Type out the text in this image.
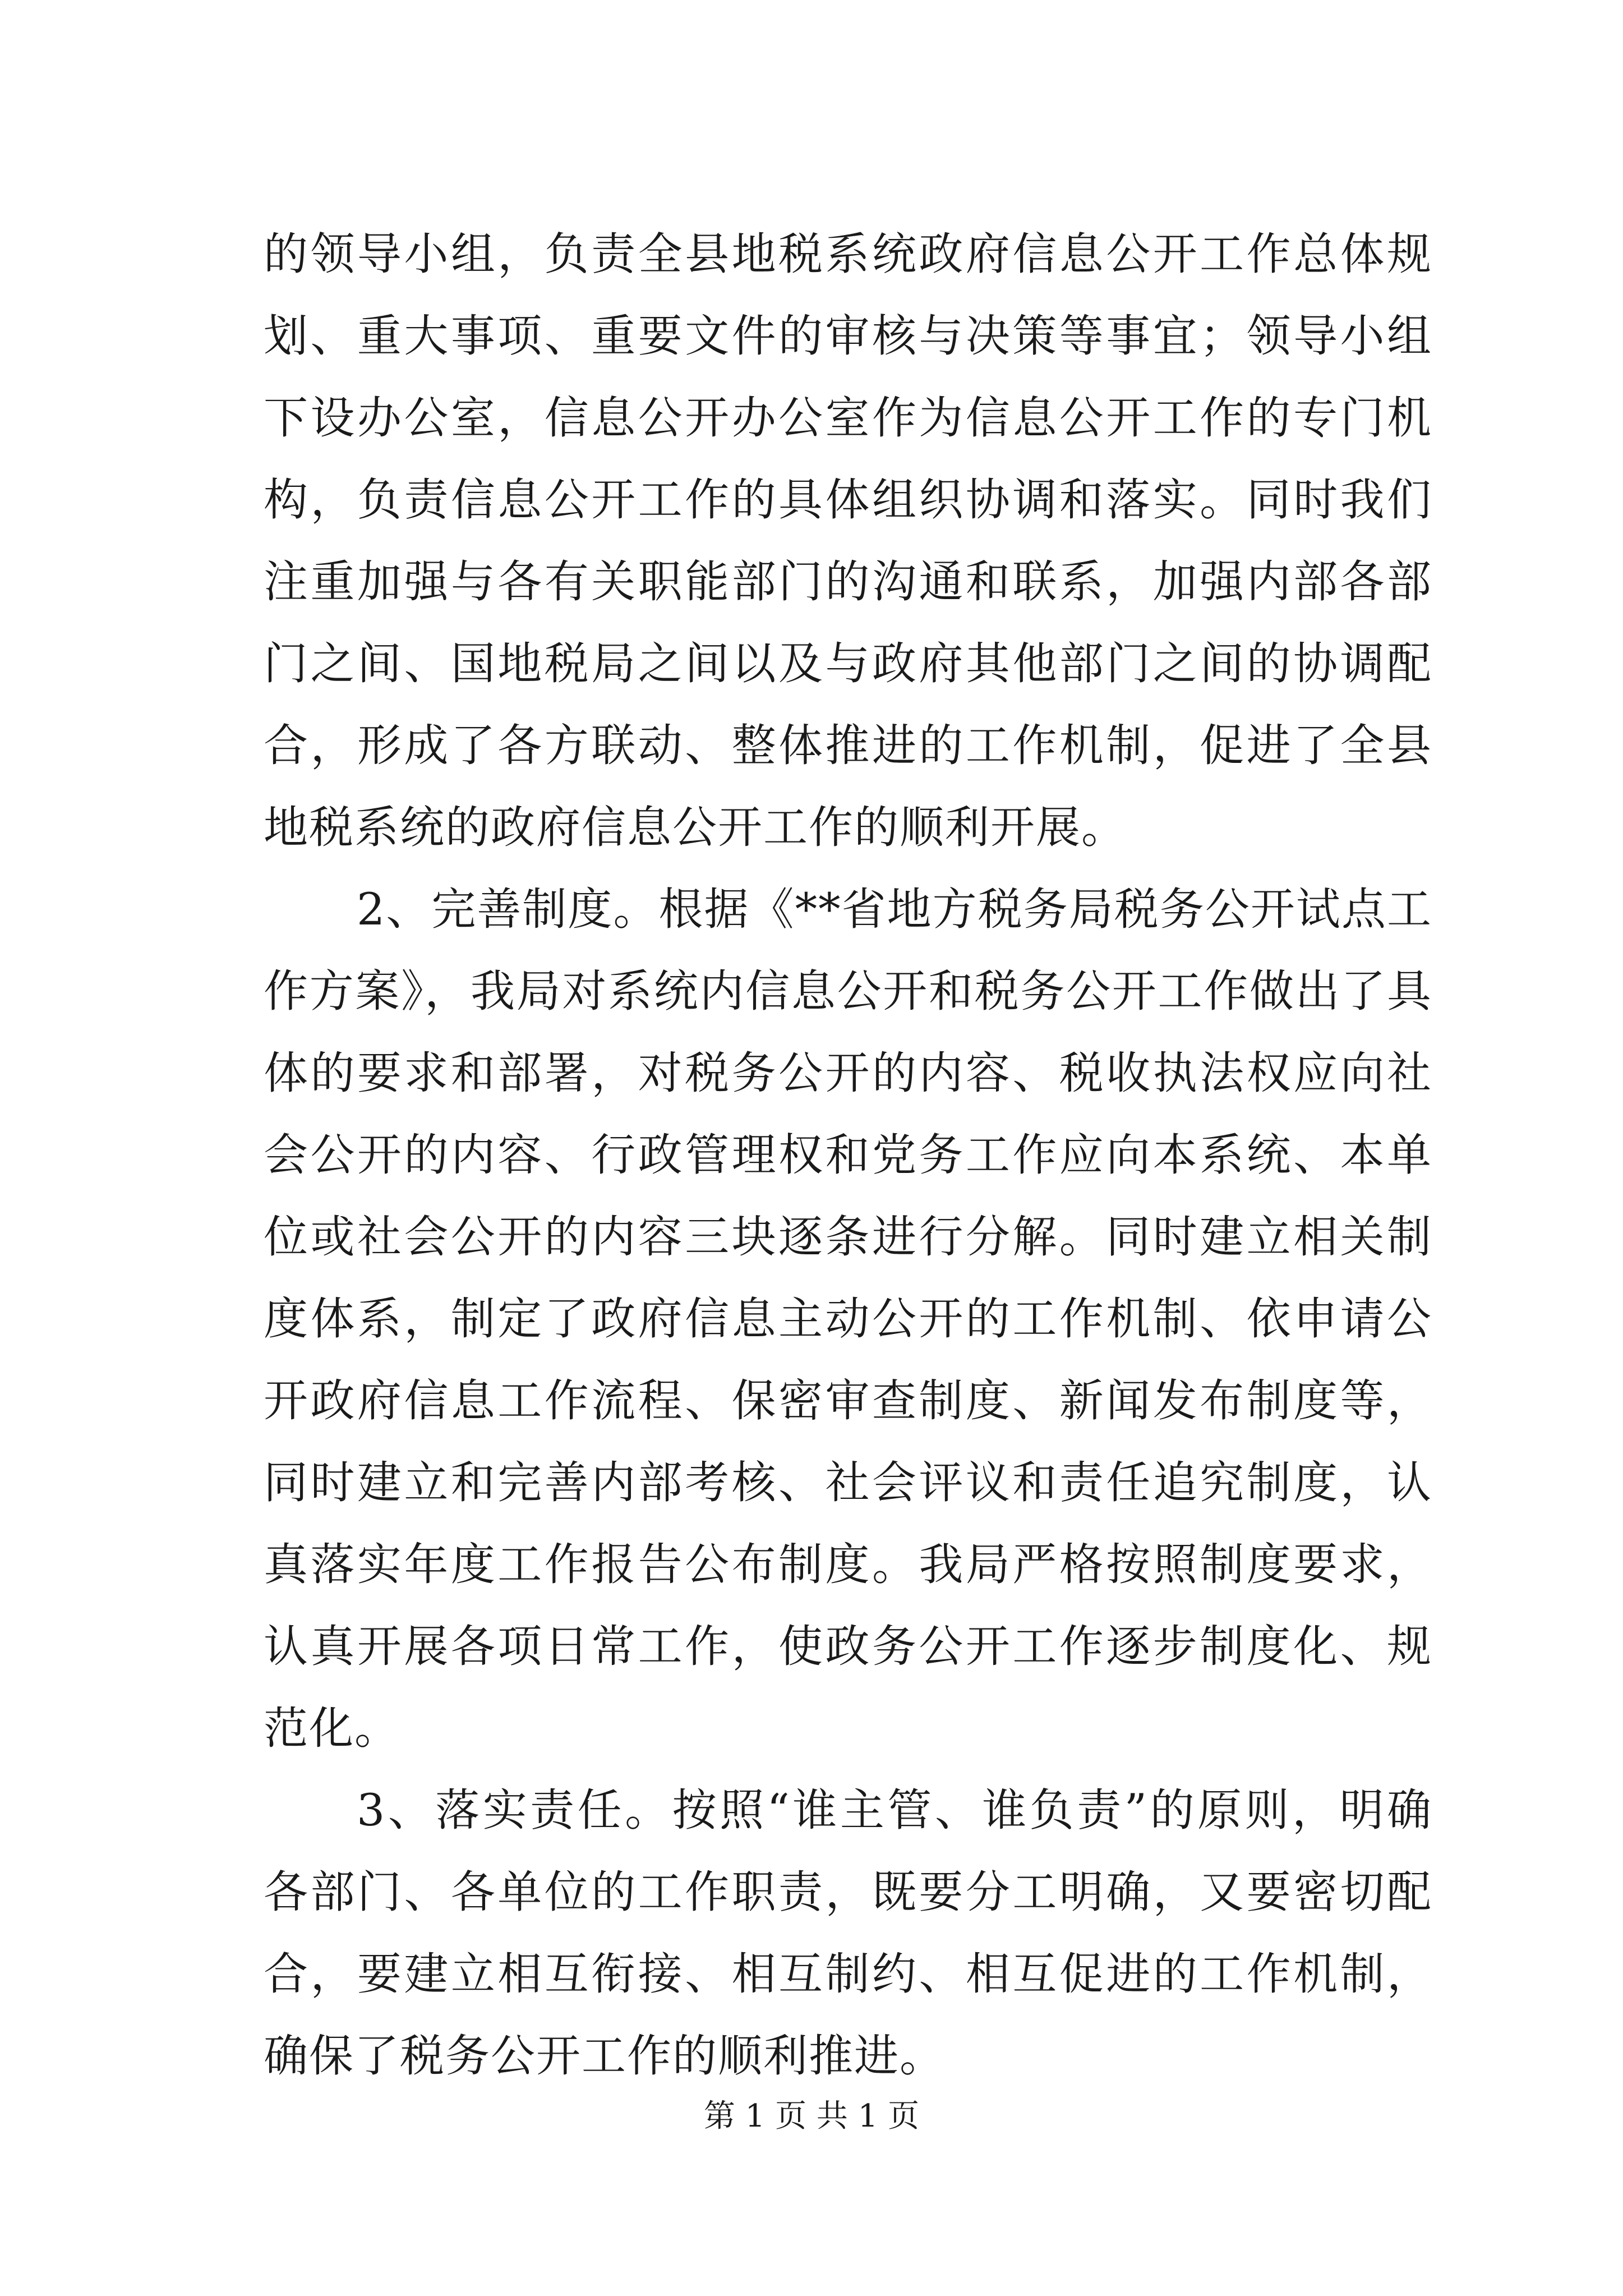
的领导小组，负责全县地税系统政府信息公开工作总体规划、重大事项、重要文件的审核与决策等事宜；领导小组下设办公室，信息公开办公室作为信息公开工作的专门机构，负责信息公开工作的具体组织协调和落实。同时我们注重加强与各有关职能部门的沟通和联系，加强内部各部门之间、国地税局之间以及与政府其他部门之间的协调配合，形成了各方联动、整体推进的工作机制，促进了全县地税系统的政府信息公开工作的顺利开展。

2、完善制度。根据《**省地方税务局税务公开试点工作方案》，我局对系统内信息公开和税务公开工作做出了具体的要求和部署，对税务公开的内容、税收执法权应向社会公开的内容、行政管理权和党务工作应向本系统、本单位或社会公开的内容三块逐条进行分解。同时建立相关制度体系，制定了政府信息主动公开的工作机制、依申请公开政府信息工作流程、保密审查制度、新闻发布制度等，同时建立和完善内部考核、社会评议和责任追究制度，认真落实年度工作报告公布制度。我局严格按照制度要求，认真开展各项日常工作，使政务公开工作逐步制度化、规范化。

3、落实责任。按照“谁主管、谁负责”的原则，明确各部门、各单位的工作职责，既要分工明确，又要密切配合，要建立相互衔接、相互制约、相互促进的工作机制，确保了税务公开工作的顺利推进。

第 1 页 共 1 页
